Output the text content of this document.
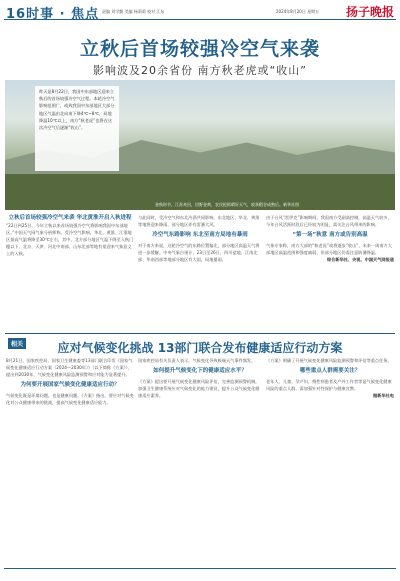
16时事 · 焦点 责编 刘学勤 美编 杨莉莉 校对 江东	2024年8月20日 星期五 扬子晚报
立秋后首场较强冷空气来袭
影响波及20余省份 南方秋老虎或“收山”
昨天是8月22日，我国中东部地区迎来立秋后的首场较强冷空气过程。本轮冷空气影响范围广，或致我国中东部地区大部分地区气温由北向南下降4℃~8℃，局地降温10℃以上，南方“秋老虎”也将在这次冷空气后逐渐“收山”。
金秋时节，江苏麦田，田野金黄，农民抢抓晴好天气，收获稻谷成熟后。新华社图
立秋后首场较强冷空气来袭 华北黄淮开启入秋进程
“22日到25日，今年立秋以来首场较强冷空气将影响我国中东部地区。”中国天气网气象分析师称，受冷空气影响，华北、黄淮、江淮地区最高气温将降至30℃左右，其中，北方部分地区气温下降至入秋门槛以下，北京、天津、河北中南部、山东北部等地有望迎来气象意义上的入秋。
与此同时，受冷空气和东北冷涡共同影响，东北地区、华北、黄淮等地将迎来降雨，部分地区伴有雷暴大风。
冷空气东路影响 东北至南方局地有暴雨
对于南方来说，这轮冷空气的东路位置偏北，部分地区高温天气将进一步缓解。中央气象台预计，23日至26日，四川盆地、江南北部、华南西部等地部分地区有大雨，局地暴雨。
由于台风“雷伊克”影响期间，我国南方受副高控制，高温天气较多，今年台风活跃时段后已经较为明显，需关注台风带来的影响。
“第一场”秋意 南方或告别高温
气象专家称，南方大部的“秋老虎”或将逐步“收山”，未来一周南方大部地区高温范围和强度减弱，但部分地区仍需注意防暑降温。
综合新华社、央视、中国天气网报道
相关	应对气候变化挑战 13部门联合发布健康适应行动方案
8月21日，国家疾控局、国家卫生健康委等13部门联合印发《国家气候变化健康适应行动方案（2024—2030年）》（以下简称《方案》），提出到2030年，气候变化健康风险监测预警和应对能力显著提升。
为何要开展国家气候变化健康适应行动？
气候变化既是环境问题，也是健康问题。《方案》指出，要应对气候变化对公众健康带来的挑战，提高气候变化健康适应能力。
国家疾控局有关负责人表示，气候变化导致极端天气事件频发。
如何提升气候变化下的健康适应水平？
《方案》提出要开展气候变化健康风险评估，完善监测预警机制，加强卫生健康系统应对气候变化的能力建设，提升公众气候变化健康适应素养。
《方案》明确了开展气候变化健康风险监测预警和评估等重点任务。
哪些重点人群需要关注？
老年人、儿童、孕产妇、慢性病患者及户外工作者等是气候变化健康风险的重点人群，需加强针对性保护与健康宣教。
据新华社电
